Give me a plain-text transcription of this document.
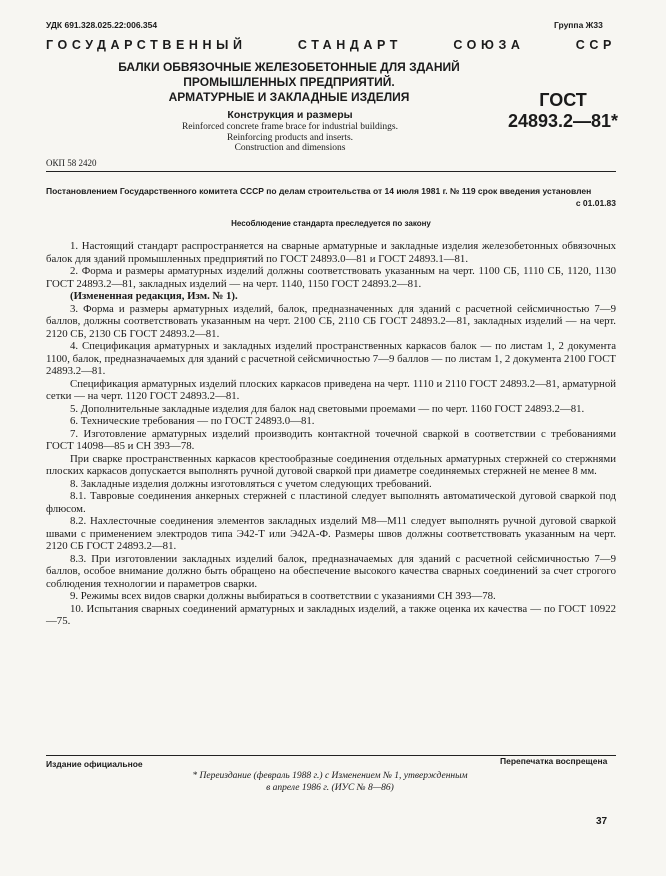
УДК 691.328.025.22:006.354	Группа Ж33
ГОСУДАРСТВЕННЫЙ	СТАНДАРТ	СОЮЗА	ССР
БАЛКИ ОБВЯЗОЧНЫЕ ЖЕЛЕЗОБЕТОННЫЕ ДЛЯ ЗДАНИЙ
ПРОМЫШЛЕННЫХ ПРЕДПРИЯТИЙ.
АРМАТУРНЫЕ И ЗАКЛАДНЫЕ ИЗДЕЛИЯ
Конструкция и размеры
Reinforced concrete frame brace for industrial buildings.
Reinforcing products and inserts.
Construction and dimensions
ГОСТ
24893.2—81*
ОКП 58 2420
Постановлением Государственного комитета СССР по делам строительства от 14 июля 1981 г. № 119 срок введения установлен
с 01.01.83
Несоблюдение стандарта преследуется по закону

1. Настоящий стандарт распространяется на сварные арматурные и закладные изделия железобетонных обвязочных балок для зданий промышленных предприятий по ГОСТ 24893.0—81 и ГОСТ 24893.1—81.

2. Форма и размеры арматурных изделий должны соответствовать указанным на черт. 1100 СБ, 1110 СБ, 1120, 1130 ГОСТ 24893.2—81, закладных изделий — на черт. 1140, 1150 ГОСТ 24893.2—81.

(Измененная редакция, Изм. № 1).

3. Форма и размеры арматурных изделий, балок, предназначенных для зданий с расчетной сейсмичностью 7—9 баллов, должны соответствовать указанным на черт. 2100 СБ, 2110 СБ ГОСТ 24893.2—81, закладных изделий — на черт. 2120 СБ, 2130 СБ ГОСТ 24893.2—81.

4. Спецификация арматурных и закладных изделий пространственных каркасов балок — по листам 1, 2 документа 1100, балок, предназначаемых для зданий с расчетной сейсмичностью 7—9 баллов — по листам 1, 2 документа 2100 ГОСТ 24893.2—81.

Спецификация арматурных изделий плоских каркасов приведена на черт. 1110 и 2110 ГОСТ 24893.2—81, арматурной сетки — на черт. 1120 ГОСТ 24893.2—81.

5. Дополнительные закладные изделия для балок над световыми проемами — по черт. 1160 ГОСТ 24893.2—81.

6. Технические требования — по ГОСТ 24893.0—81.

7. Изготовление арматурных изделий производить контактной точечной сваркой в соответствии с требованиями ГОСТ 14098—85 и СН 393—78.

При сварке пространственных каркасов крестообразные соединения отдельных арматурных стержней со стержнями плоских каркасов допускается выполнять ручной дуговой сваркой при диаметре соединяемых стержней не менее 8 мм.

8. Закладные изделия должны изготовляться с учетом следующих требований.

8.1. Тавровые соединения анкерных стержней с пластиной следует выполнять автоматической дуговой сваркой под флюсом.

8.2. Нахлесточные соединения элементов закладных изделий М8—М11 следует выполнять ручной дуговой сваркой швами с применением электродов типа Э42-Т или Э42А-Ф. Размеры швов должны соответствовать указанным на черт. 2120 СБ ГОСТ 24893.2—81.

8.3. При изготовлении закладных изделий балок, предназначаемых для зданий с расчетной сейсмичностью 7—9 баллов, особое внимание должно быть обращено на обеспечение высокого качества сварных соединений за счет строгого соблюдения технологии и параметров сварки.

9. Режимы всех видов сварки должны выбираться в соответствии с указаниями СН 393—78.

10. Испытания сварных соединений арматурных и закладных изделий, а также оценка их качества — по ГОСТ 10922—75.

Издание официальное	Перепечатка воспрещена
* Переиздание (февраль 1988 г.) с Изменением № 1, утвержденным
в апреле 1986 г. (ИУС № 8—86)
37
